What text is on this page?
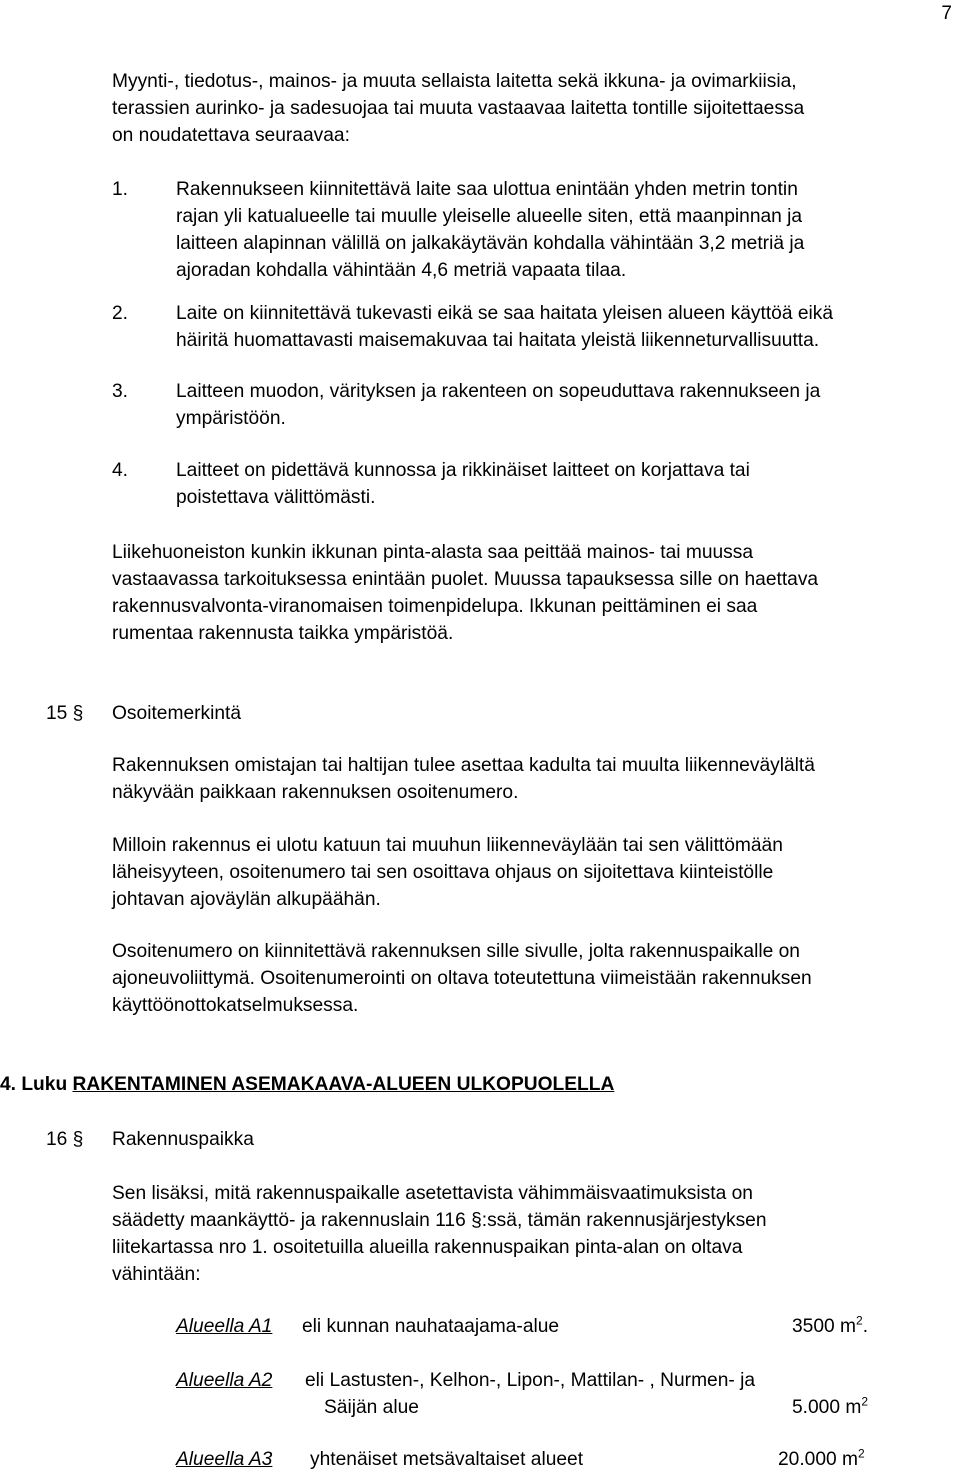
7
Myynti-, tiedotus-, mainos- ja muuta sellaista laitetta sekä ikkuna- ja ovimarkiisia,
terassien aurinko- ja sadesuojaa tai muuta vastaavaa laitetta tontille sijoitettaessa
on noudatettava seuraavaa:
1. Rakennukseen kiinnitettävä laite saa ulottua enintään yhden metrin tontin
rajan yli katualueelle tai muulle yleiselle alueelle siten, että maanpinnan ja
laitteen alapinnan välillä on jalkakäytävän kohdalla vähintään 3,2 metriä ja
ajoradan kohdalla vähintään 4,6 metriä vapaata tilaa.
2. Laite on kiinnitettävä tukevasti eikä se saa haitata yleisen alueen käyttöä eikä
häiritä huomattavasti maisemakuvaa tai haitata yleistä liikenneturvallisuutta.
3. Laitteen muodon, värityksen ja rakenteen on sopeuduttava rakennukseen ja
ympäristöön.
4. Laitteet on pidettävä kunnossa ja rikkinäiset laitteet on korjattava tai
poistettava välittömästi.
Liikehuoneiston kunkin ikkunan pinta-alasta saa peittää mainos- tai muussa
vastaavassa tarkoituksessa enintään puolet. Muussa tapauksessa sille on haettava
rakennusvalvonta-viranomaisen toimenpidelupa. Ikkunan peittäminen ei saa
rumentaa rakennusta taikka ympäristöä.
15 § Osoitemerkintä
Rakennuksen omistajan tai haltijan tulee asettaa kadulta tai muulta liikenneväylältä
näkyvään paikkaan rakennuksen osoitenumero.
Milloin rakennus ei ulotu katuun tai muuhun liikenneväylään tai sen välittömään
läheisyyteen, osoitenumero tai sen osoittava ohjaus on sijoitettava kiinteistölle
johtavan ajoväylän alkupäähän.
Osoitenumero on kiinnitettävä rakennuksen sille sivulle, jolta rakennuspaikalle on
ajoneuvoliittymä. Osoitenumerointi on oltava toteutettuna viimeistään rakennuksen
käyttöönottokatselmuksessa.
4. Luku RAKENTAMINEN ASEMAKAAVA-ALUEEN ULKOPUOLELLA
16 § Rakennuspaikka
Sen lisäksi, mitä rakennuspaikalle asetettavista vähimmäisvaatimuksista on
säädetty maankäyttö- ja rakennuslain 116 §:ssä, tämän rakennusjärjestyksen
liitekartassa nro 1. osoitetuilla alueilla rakennuspaikan pinta-alan on oltava
vähintään:
Alueella A1 eli kunnan nauhataajama-alue	3500 $m^2$.
Alueella A2 eli Lastusten-, Kelhon-, Lipon-, Mattilan- , Nurmen- ja
Säijän alue	5.000 $m^2$
Alueella A3 yhtenäiset metsävaltaiset alueet	20.000 $m^2$
